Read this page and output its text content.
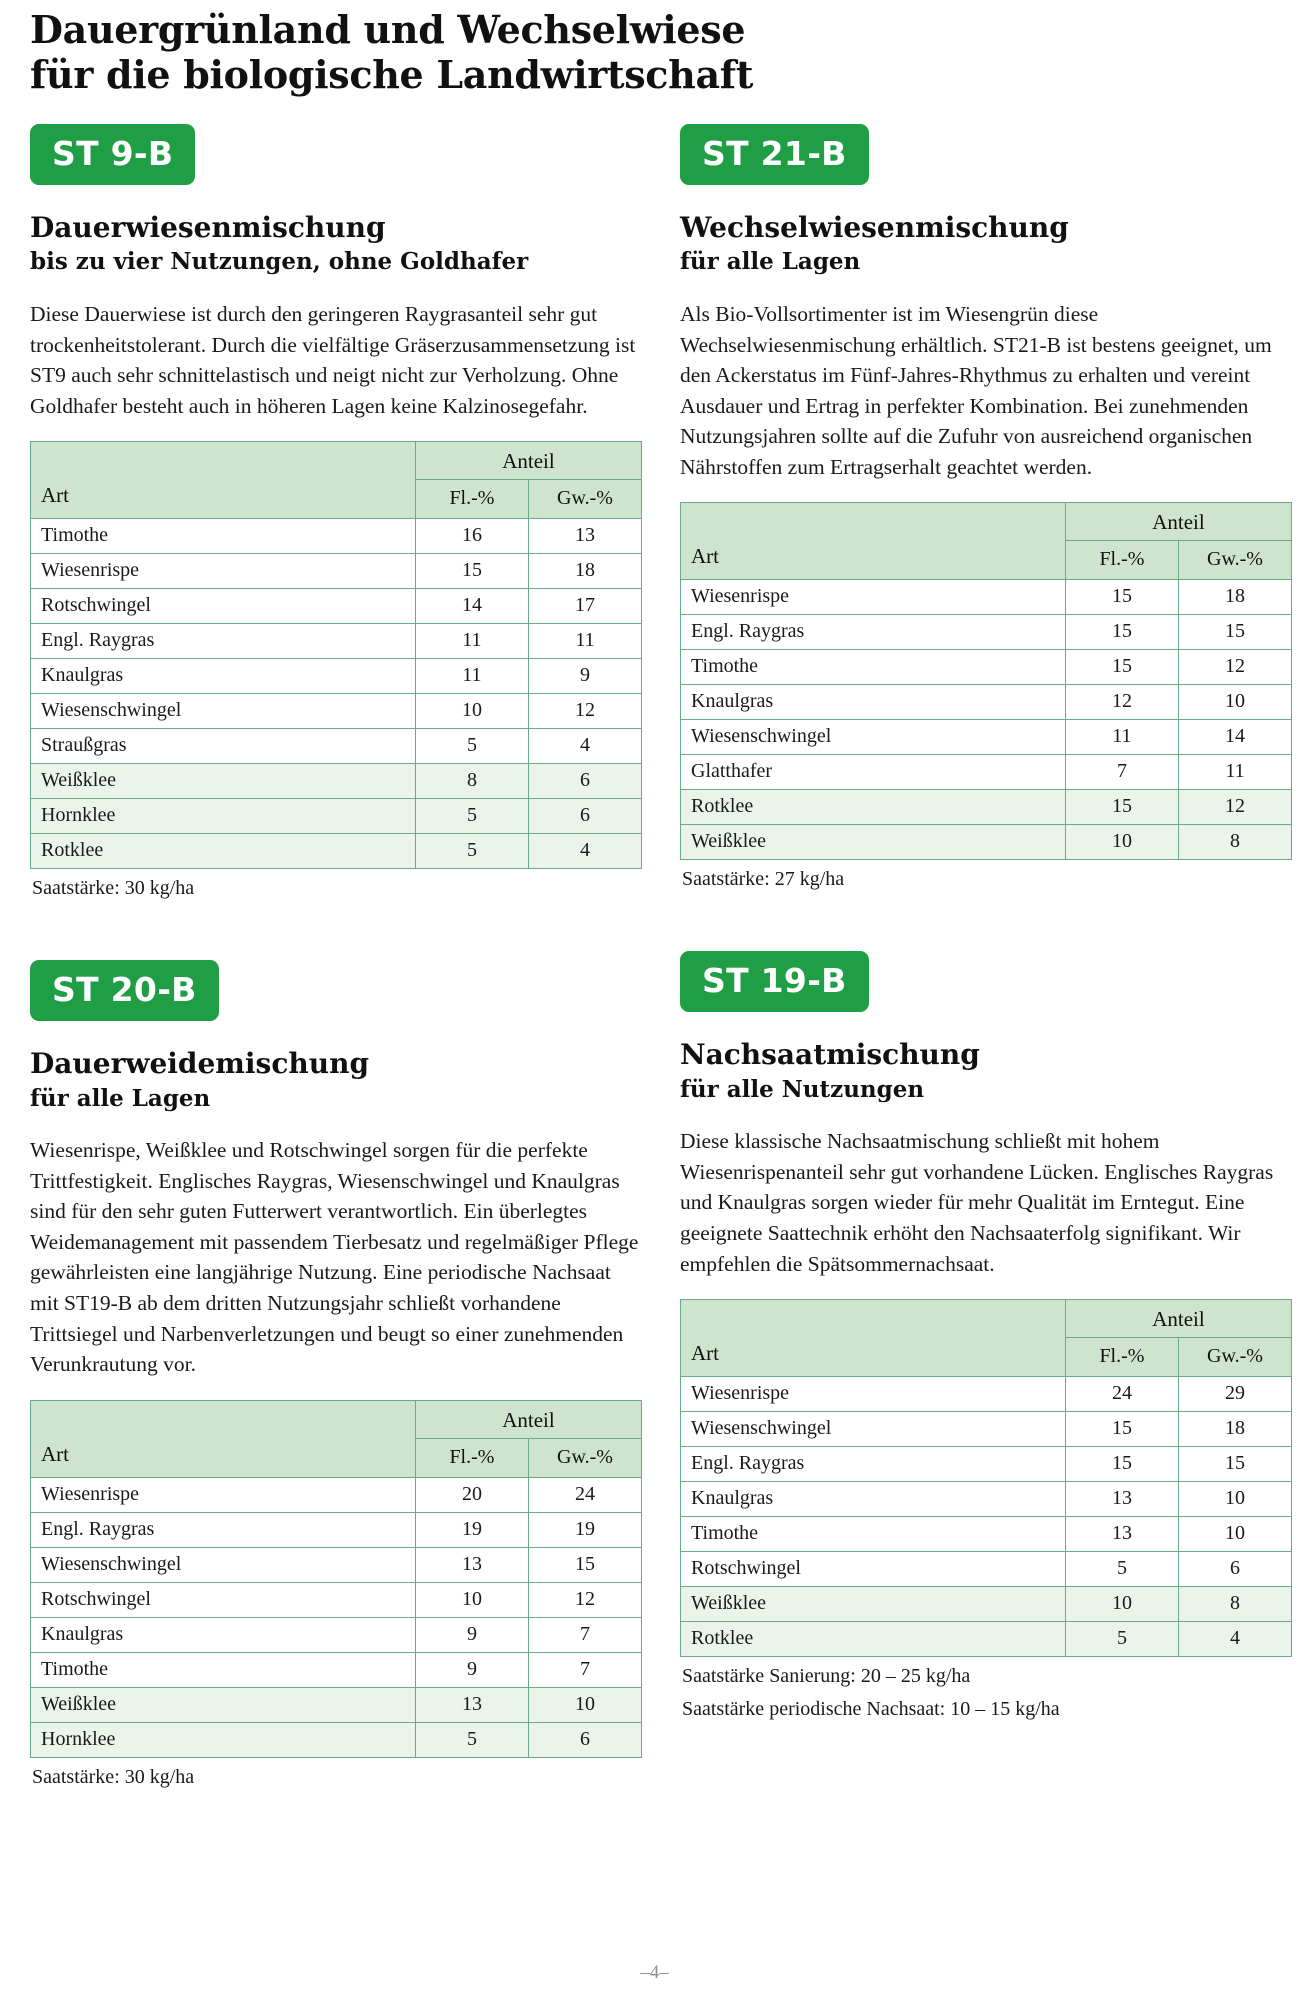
Dauergrünland und Wechselwiese
für die biologische Landwirtschaft
ST 9-B
Dauerwiesenmischung
bis zu vier Nutzungen, ohne Goldhafer

Diese Dauerwiese ist durch den geringeren Raygrasanteil sehr gut trockenheitstolerant. Durch die vielfältige Gräserzusammensetzung ist ST9 auch sehr schnittelastisch und neigt nicht zur Verholzung. Ohne Goldhafer besteht auch in höheren Lagen keine Kalzinosegefahr.

Art	Anteil	
	Fl.-%	Gw.-%
Timothe	16	13
Wiesenrispe	15	18
Rotschwingel	14	17
Engl. Raygras	11	11
Knaulgras	11	9
Wiesenschwingel	10	12
Straußgras	5	4
Weißklee	8	6
Hornklee	5	6
Rotklee	5	4
Saatstärke: 30 kg/ha
ST 20-B
Dauerweidemischung
für alle Lagen

Wiesenrispe, Weißklee und Rotschwingel sorgen für die perfekte Trittfestigkeit. Englisches Raygras, Wiesenschwingel und Knaulgras sind für den sehr guten Futterwert verantwortlich. Ein überlegtes Weidemanagement mit passendem Tierbesatz und regelmäßiger Pflege gewährleisten eine langjährige Nutzung. Eine periodische Nachsaat mit ST19-B ab dem dritten Nutzungsjahr schließt vorhandene Trittsiegel und Narbenverletzungen und beugt so einer zunehmenden Verunkrautung vor.

Art	Anteil	
	Fl.-%	Gw.-%
Wiesenrispe	20	24
Engl. Raygras	19	19
Wiesenschwingel	13	15
Rotschwingel	10	12
Knaulgras	9	7
Timothe	9	7
Weißklee	13	10
Hornklee	5	6
Saatstärke: 30 kg/ha
ST 21-B
Wechselwiesenmischung
für alle Lagen

Als Bio-Vollsortimenter ist im Wiesengrün diese Wechselwiesenmischung erhältlich. ST21-B ist bestens geeignet, um den Ackerstatus im Fünf-Jahres-Rhythmus zu erhalten und vereint Ausdauer und Ertrag in perfekter Kombination. Bei zunehmenden Nutzungsjahren sollte auf die Zufuhr von ausreichend organischen Nährstoffen zum Ertragserhalt geachtet werden.

Art	Anteil	
	Fl.-%	Gw.-%
Wiesenrispe	15	18
Engl. Raygras	15	15
Timothe	15	12
Knaulgras	12	10
Wiesenschwingel	11	14
Glatthafer	7	11
Rotklee	15	12
Weißklee	10	8
Saatstärke: 27 kg/ha
ST 19-B
Nachsaatmischung
für alle Nutzungen

Diese klassische Nachsaatmischung schließt mit hohem Wiesenrispenanteil sehr gut vorhandene Lücken. Englisches Raygras und Knaulgras sorgen wieder für mehr Qualität im Erntegut. Eine geeignete Saattechnik erhöht den Nachsaaterfolg signifikant. Wir empfehlen die Spätsommernachsaat.

Art	Anteil	
	Fl.-%	Gw.-%
Wiesenrispe	24	29
Wiesenschwingel	15	18
Engl. Raygras	15	15
Knaulgras	13	10
Timothe	13	10
Rotschwingel	5	6
Weißklee	10	8
Rotklee	5	4
Saatstärke Sanierung: 20 – 25 kg/ha
Saatstärke periodische Nachsaat: 10 – 15 kg/ha
–4–
